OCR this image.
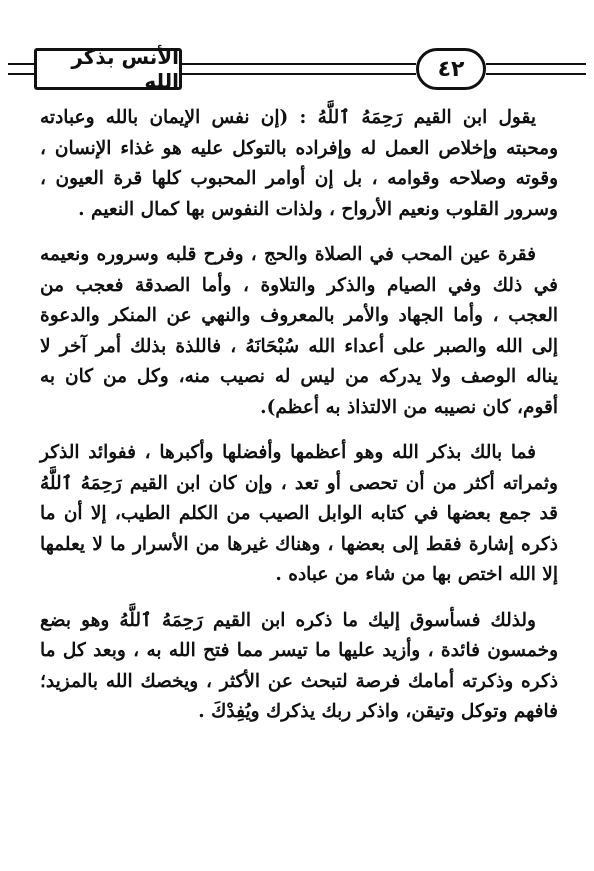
الأنس بذكر الله	٤٢

يقول ابن القيم رَحِمَهُ ٱللَّهُ : (إن نفس الإيمان بالله وعبادته ومحبته وإخلاص العمل له وإفراده بالتوكل عليه هو غذاء الإنسان ، وقوته وصلاحه وقوامه ، بل إن أوامر المحبوب كلها قرة العيون ، وسرور القلوب ونعيم الأرواح ، ولذات النفوس بها كمال النعيم .

فقرة عين المحب في الصلاة والحج ، وفرح قلبه وسروره ونعيمه في ذلك وفي الصيام والذكر والتلاوة ، وأما الصدقة فعجب من العجب ، وأما الجهاد والأمر بالمعروف والنهي عن المنكر والدعوة إلى الله والصبر على أعداء الله سُبْحَانَهُ ، فاللذة بذلك أمر آخر لا يناله الوصف ولا يدركه من ليس له نصيب منه، وكل من كان به أقوم، كان نصيبه من الالتذاذ به أعظم).

فما بالك بذكر الله وهو أعظمها وأفضلها وأكبرها ، ففوائد الذكر وثمراته أكثر من أن تحصى أو تعد ، وإن كان ابن القيم رَحِمَهُ ٱللَّهُ قد جمع بعضها في كتابه الوابل الصيب من الكلم الطيب، إلا أن ما ذكره إشارة فقط إلى بعضها ، وهناك غيرها من الأسرار ما لا يعلمها إلا الله اختص بها من شاء من عباده .

ولذلك فسأسوق إليك ما ذكره ابن القيم رَحِمَهُ ٱللَّهُ وهو بضع وخمسون فائدة ، وأزيد عليها ما تيسر مما فتح الله به ، وبعد كل ما ذكره وذكرته أمامك فرصة لتبحث عن الأكثر ، ويخصك الله بالمزيد؛ فافهم وتوكل وتيقن، واذكر ربك يذكرك ويُفِدْكَ .
